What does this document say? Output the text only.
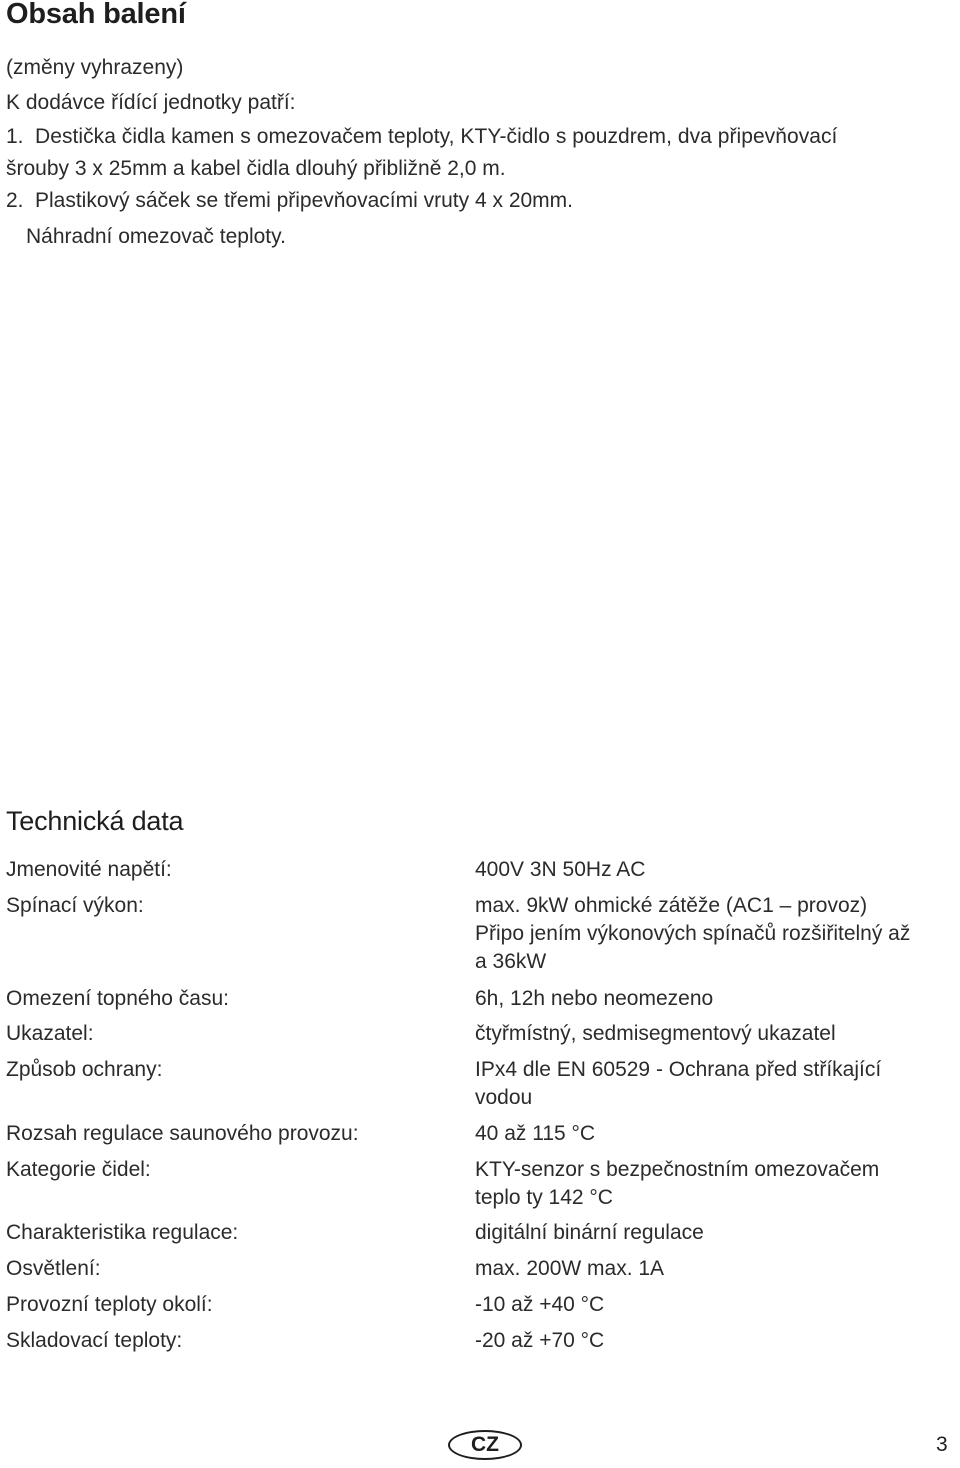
Obsah balení

(změny vyhrazeny)

K dodávce řídící jednotky patří:

1. Destička čidla kamen s omezovačem teploty, KTY-čidlo s pouzdrem, dva připevňovací
šrouby 3 x 25mm a kabel čidla dlouhý přibližně 2,0 m.
2. Plastikový sáček se třemi připevňovacími vruty 4 x 20mm.
Náhradní omezovač teploty.
Technická data
Jmenovité napětí:	400V 3N 50Hz AC
Spínací výkon:	max. 9kW ohmické zátěže (AC1 – provoz)
Připo jením výkonových spínačů rozšiřitelný až
a 36kW
Omezení topného času:	6h, 12h nebo neomezeno
Ukazatel:	čtyřmístný, sedmisegmentový ukazatel
Způsob ochrany:	IPx4 dle EN 60529 - Ochrana před stříkající
vodou
Rozsah regulace saunového provozu:	40 až 115 °C
Kategorie čidel:	KTY-senzor s bezpečnostním omezovačem
teplo ty 142 °C
Charakteristika regulace:	digitální binární regulace
Osvětlení:	max. 200W max. 1A
Provozní teploty okolí:	-10 až +40 °C
Skladovací teploty:	-20 až +70 °C
CZ	3
